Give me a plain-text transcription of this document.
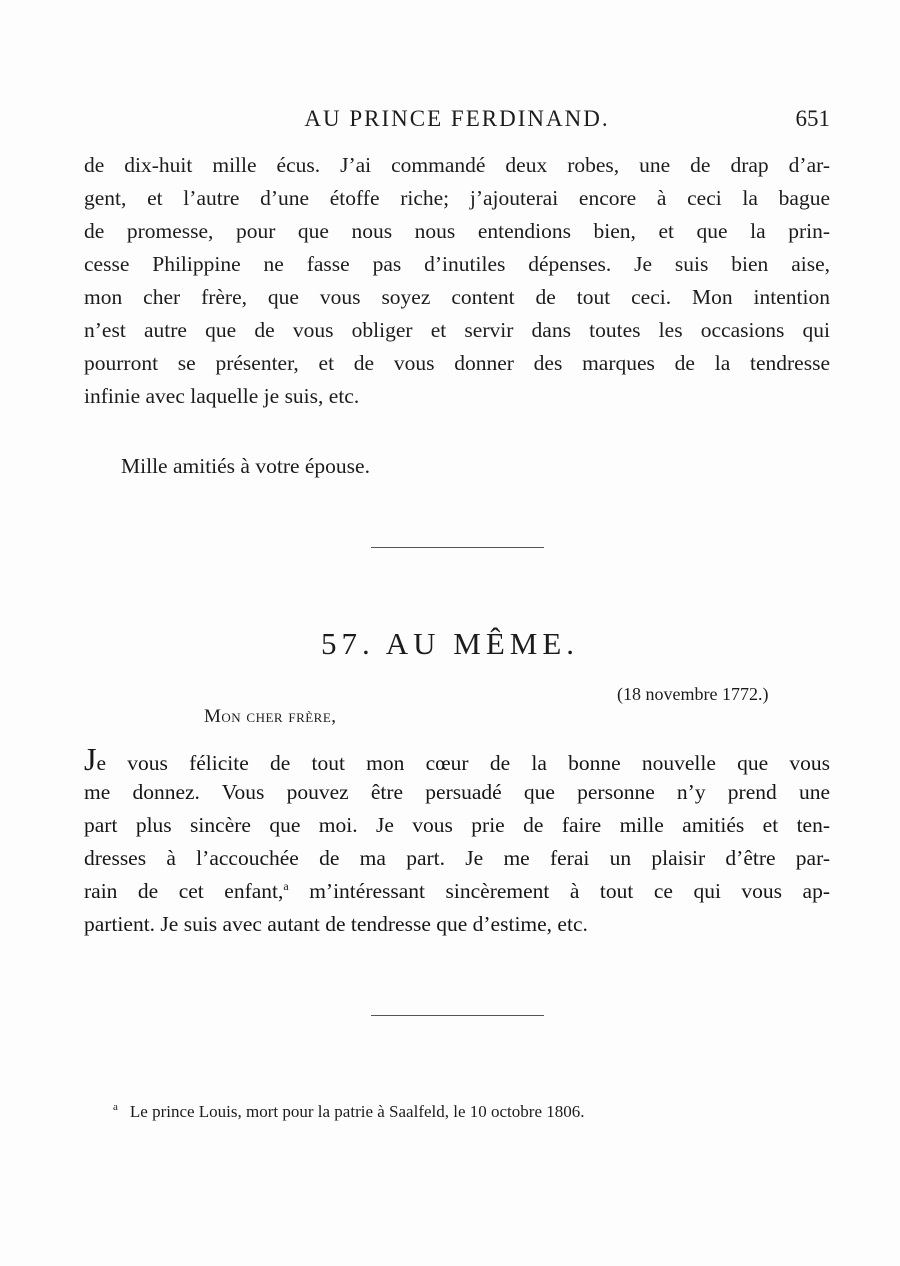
AU PRINCE FERDINAND.	651
de dix-huit mille écus. J’ai commandé deux robes, une de drap d’ar-
gent, et l’autre d’une étoffe riche; j’ajouterai encore à ceci la bague
de promesse, pour que nous nous entendions bien, et que la prin-
cesse Philippine ne fasse pas d’inutiles dépenses. Je suis bien aise,
mon cher frère, que vous soyez content de tout ceci. Mon intention
n’est autre que de vous obliger et servir dans toutes les occasions qui
pourront se présenter, et de vous donner des marques de la tendresse
infinie avec laquelle je suis, etc.

Mille amitiés à votre épouse.

57. AU MÊME.
(18 novembre 1772.)
Mon cher frère,
Je vous félicite de tout mon cœur de la bonne nouvelle que vous
me donnez. Vous pouvez être persuadé que personne n’y prend une
part plus sincère que moi. Je vous prie de faire mille amitiés et ten-
dresses à l’accouchée de ma part. Je me ferai un plaisir d’être par-
rain de cet enfant,$^a$ m’intéressant sincèrement à tout ce qui vous ap-
partient. Je suis avec autant de tendresse que d’estime, etc.
$^a$ Le prince Louis, mort pour la patrie à Saalfeld, le 10 octobre 1806.
